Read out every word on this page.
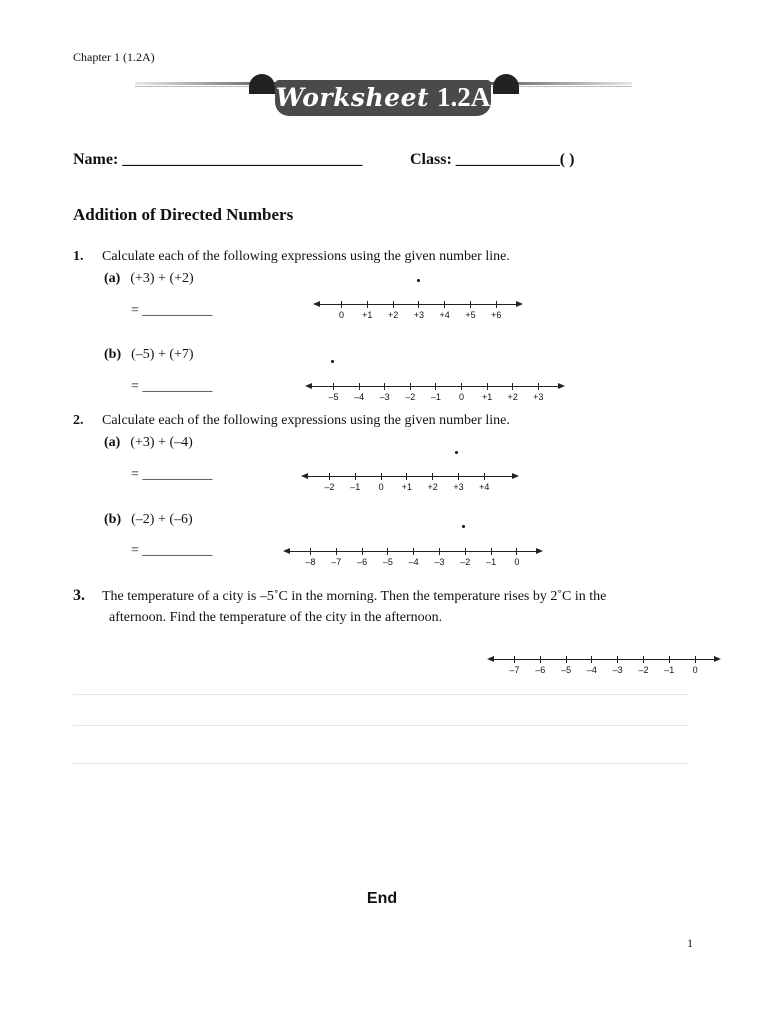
Chapter 1 (1.2A)
Worksheet 1.2A
Name: ______________________________	Class: _____________( )
Addition of Directed Numbers
1. Calculate each of the following expressions using the given number line.
(a) (+3) + (+2)
= __________	0 +1 +2 +3 +4 +5 +6
(b) (–5) + (+7)
= __________
–5 –4 –3 –2 –1 0 +1 +2 +3
2. Calculate each of the following expressions using the given number line.
(a) (+3) + (–4)
= __________
–2 –1 0 +1 +2 +3 +4
(b) (–2) + (–6)
= __________
–8 –7 –6 –5 –4 –3 –2 –1 0
3. The temperature of a city is –5˚C in the morning. Then the temperature rises by 2˚C in the
afternoon. Find the temperature of the city in the afternoon.
–7 –6 –5 –4 –3 –2 –1 0
End
1
